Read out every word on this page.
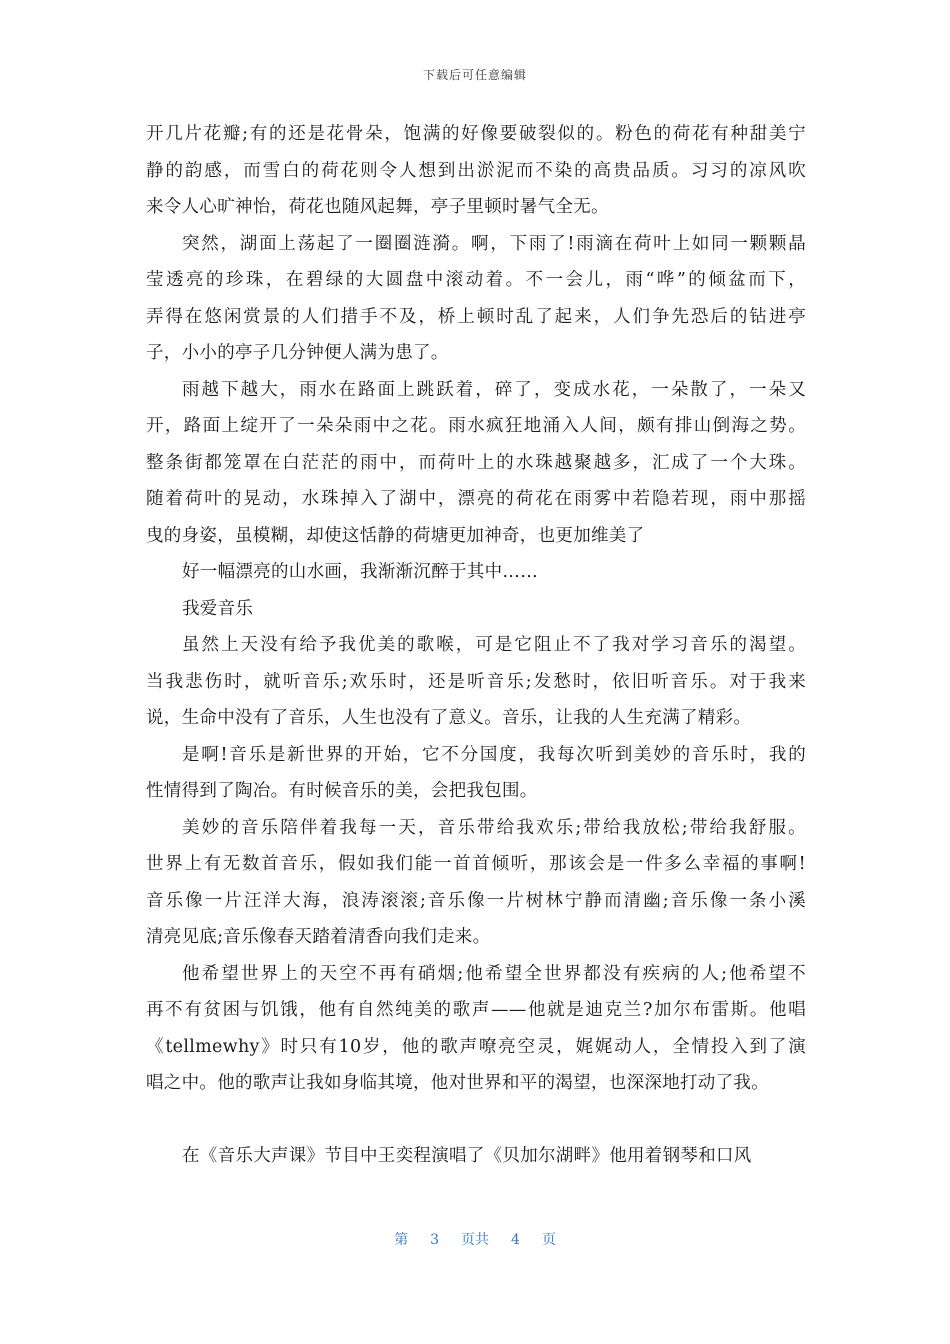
下载后可任意编辑
开几片花瓣;有的还是花骨朵，饱满的好像要破裂似的。粉色的荷花有种甜美宁
静的韵感，而雪白的荷花则令人想到出淤泥而不染的高贵品质。习习的凉风吹
来令人心旷神怡，荷花也随风起舞，亭子里顿时暑气全无。
突然，湖面上荡起了一圈圈涟漪。啊，下雨了!雨滴在荷叶上如同一颗颗晶
莹透亮的珍珠，在碧绿的大圆盘中滚动着。不一会儿，雨“哗”的倾盆而下，
弄得在悠闲赏景的人们措手不及，桥上顿时乱了起来，人们争先恐后的钻进亭
子，小小的亭子几分钟便人满为患了。
雨越下越大，雨水在路面上跳跃着，碎了，变成水花，一朵散了，一朵又
开，路面上绽开了一朵朵雨中之花。雨水疯狂地涌入人间，颇有排山倒海之势。
整条街都笼罩在白茫茫的雨中，而荷叶上的水珠越聚越多，汇成了一个大珠。
随着荷叶的晃动，水珠掉入了湖中，漂亮的荷花在雨雾中若隐若现，雨中那摇
曳的身姿，虽模糊，却使这恬静的荷塘更加神奇，也更加维美了
好一幅漂亮的山水画，我渐渐沉醉于其中……
我爱音乐
虽然上天没有给予我优美的歌喉，可是它阻止不了我对学习音乐的渴望。
当我悲伤时，就听音乐;欢乐时，还是听音乐;发愁时，依旧听音乐。对于我来
说，生命中没有了音乐，人生也没有了意义。音乐，让我的人生充满了精彩。
是啊!音乐是新世界的开始，它不分国度，我每次听到美妙的音乐时，我的
性情得到了陶冶。有时候音乐的美，会把我包围。
美妙的音乐陪伴着我每一天，音乐带给我欢乐;带给我放松;带给我舒服。
世界上有无数首音乐，假如我们能一首首倾听，那该会是一件多么幸福的事啊!
音乐像一片汪洋大海，浪涛滚滚;音乐像一片树林宁静而清幽;音乐像一条小溪
清亮见底;音乐像春天踏着清香向我们走来。
他希望世界上的天空不再有硝烟;他希望全世界都没有疾病的人;他希望不
再不有贫困与饥饿，他有自然纯美的歌声——他就是迪克兰?加尔布雷斯。他唱
《tellmewhy》时只有10岁，他的歌声嘹亮空灵，娓娓动人，全情投入到了演
唱之中。他的歌声让我如身临其境，他对世界和平的渴望，也深深地打动了我。
在《音乐大声课》节目中王奕程演唱了《贝加尔湖畔》他用着钢琴和口风
第 3 页共 4 页
